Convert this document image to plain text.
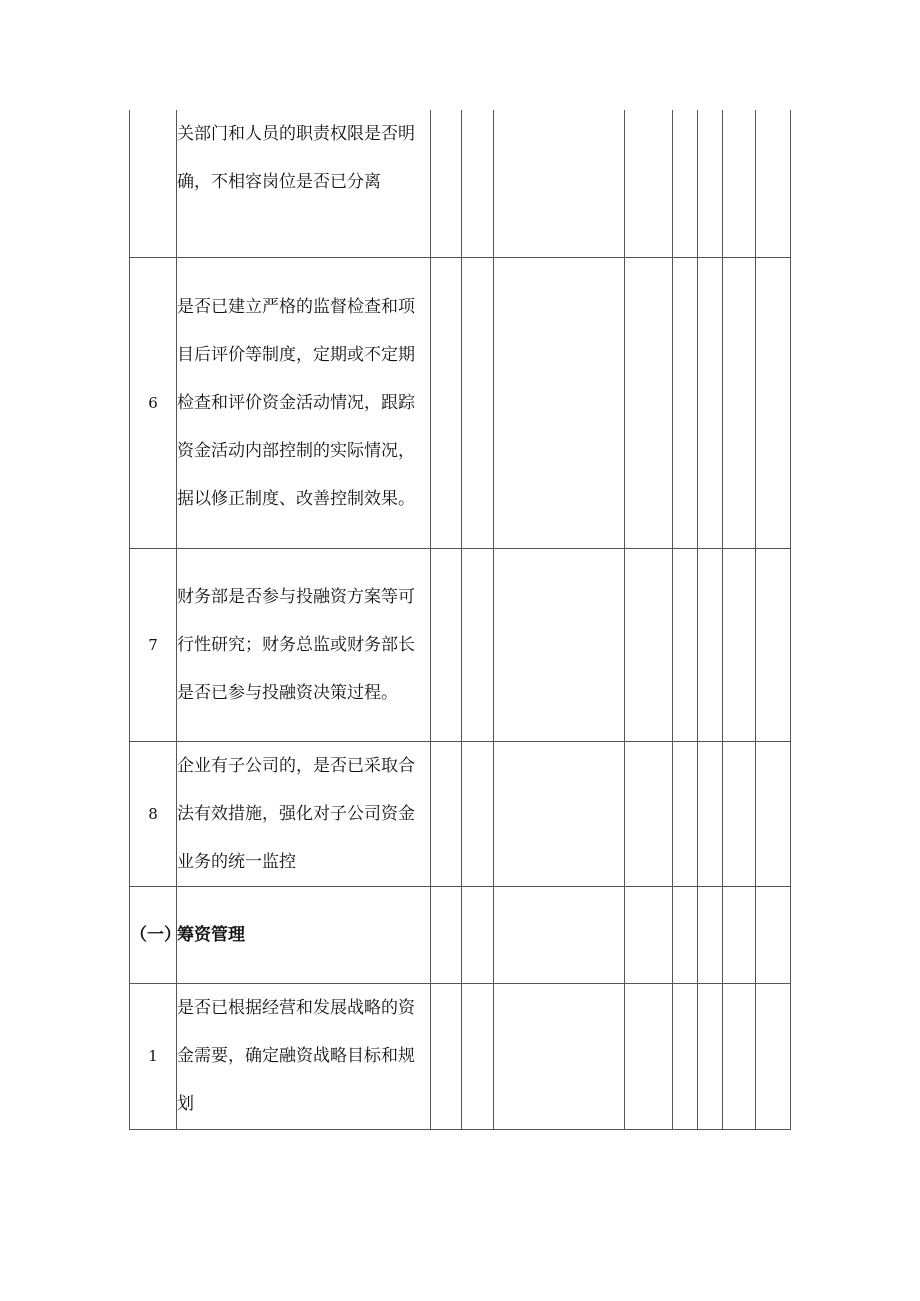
	关部门和人员的职责权限是否明确，不相容岗位是否已分离								
6	是否已建立严格的监督检查和项目后评价等制度，定期或不定期检查和评价资金活动情况，跟踪资金活动内部控制的实际情况，据以修正制度、改善控制效果。								
7	财务部是否参与投融资方案等可行性研究；财务总监或财务部长是否已参与投融资决策过程。								
8	企业有子公司的，是否已采取合法有效措施，强化对子公司资金业务的统一监控								
（一）	筹资管理								
1	是否已根据经营和发展战略的资金需要，确定融资战略目标和规划								
